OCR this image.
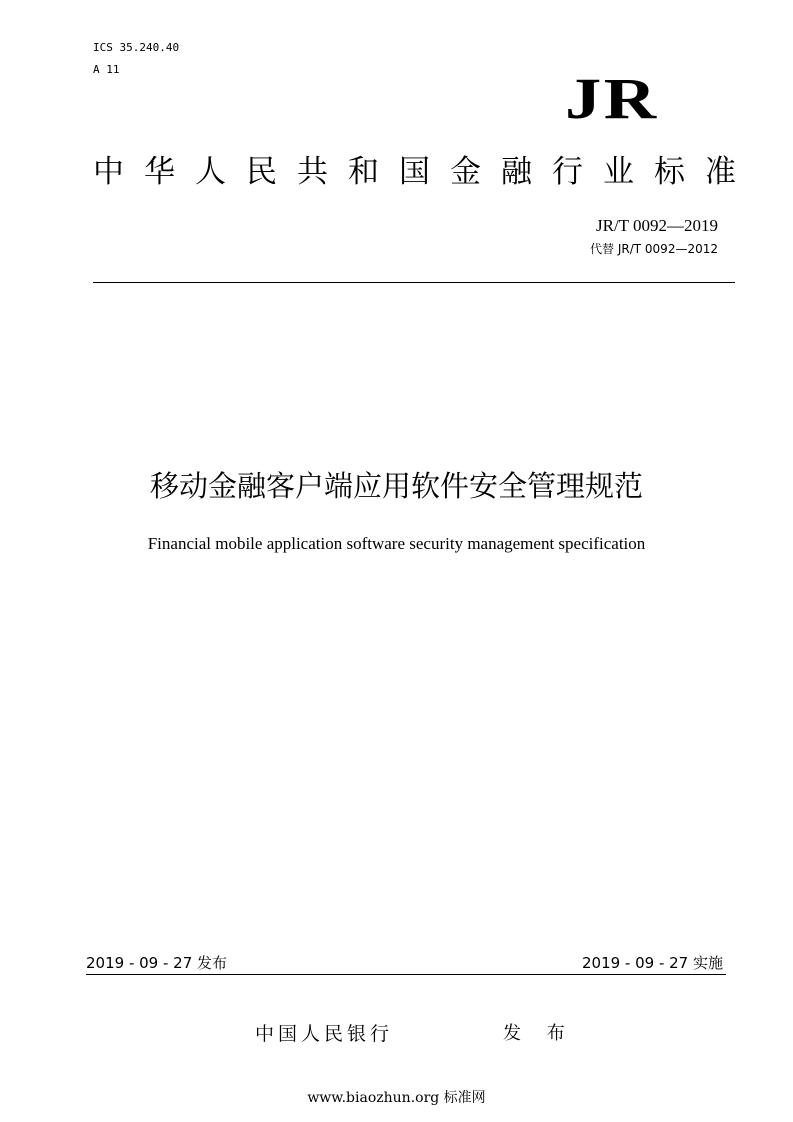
ICS 35.240.40
A 11	JR
中华人民共和国金融行业标准
JR/T 0092—2019
代替 JR/T 0092—2012
移动金融客户端应用软件安全管理规范
Financial mobile application software security management specification
2019 - 09 - 27 发布	2019 - 09 - 27 实施
中国人民银行	发 布
www.biaozhun.org 标准网
